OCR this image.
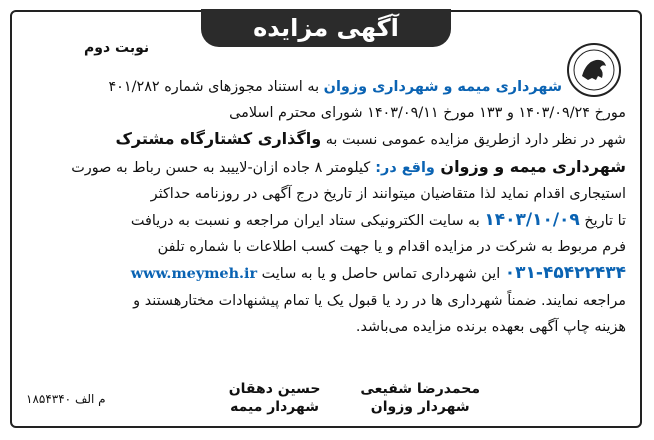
آگهی مزایده
نوبت دوم
شهرداری میمه و شهرداری وزوان به استناد مجوزهای شماره ۴۰۱/۲۸۲
مورخ ۱۴۰۳/۰۹/۲۴ و ۱۳۳ مورخ ۱۴۰۳/۰۹/۱۱ شورای محترم اسلامی
شهر در نظر دارد ازطریق مزایده عمومی نسبت به واگذاری کشتارگاه مشترک
شهرداری میمه و وزوان واقع در: کیلومتر ۸ جاده ازان-لاییبد به حسن رباط به صورت
استیجاری اقدام نماید لذا متقاضیان میتوانند از تاریخ درج آگهی در روزنامه حداکثر
تا تاریخ ۱۴۰۳/۱۰/۰۹ به سایت الکترونیکی ستاد ایران مراجعه و نسبت به دریافت
فرم مربوط به شرکت در مزایده اقدام و یا جهت کسب اطلاعات با شماره تلفن
۰۳۱-۴۵۴۲۲۴۳۴ این شهرداری تماس حاصل و یا به سایت www.meymeh.ir
مراجعه نمایند. ضمناً شهرداری ها در رد یا قبول یک یا تمام پیشنهادات مختارهستند و
هزینه چاپ آگهی بعهده برنده مزایده می‌باشد.
حسین دهقان
شهردار میمه
محمدرضا شفیعی
شهردار وزوان
م الف ۱۸۵۴۳۴۰
